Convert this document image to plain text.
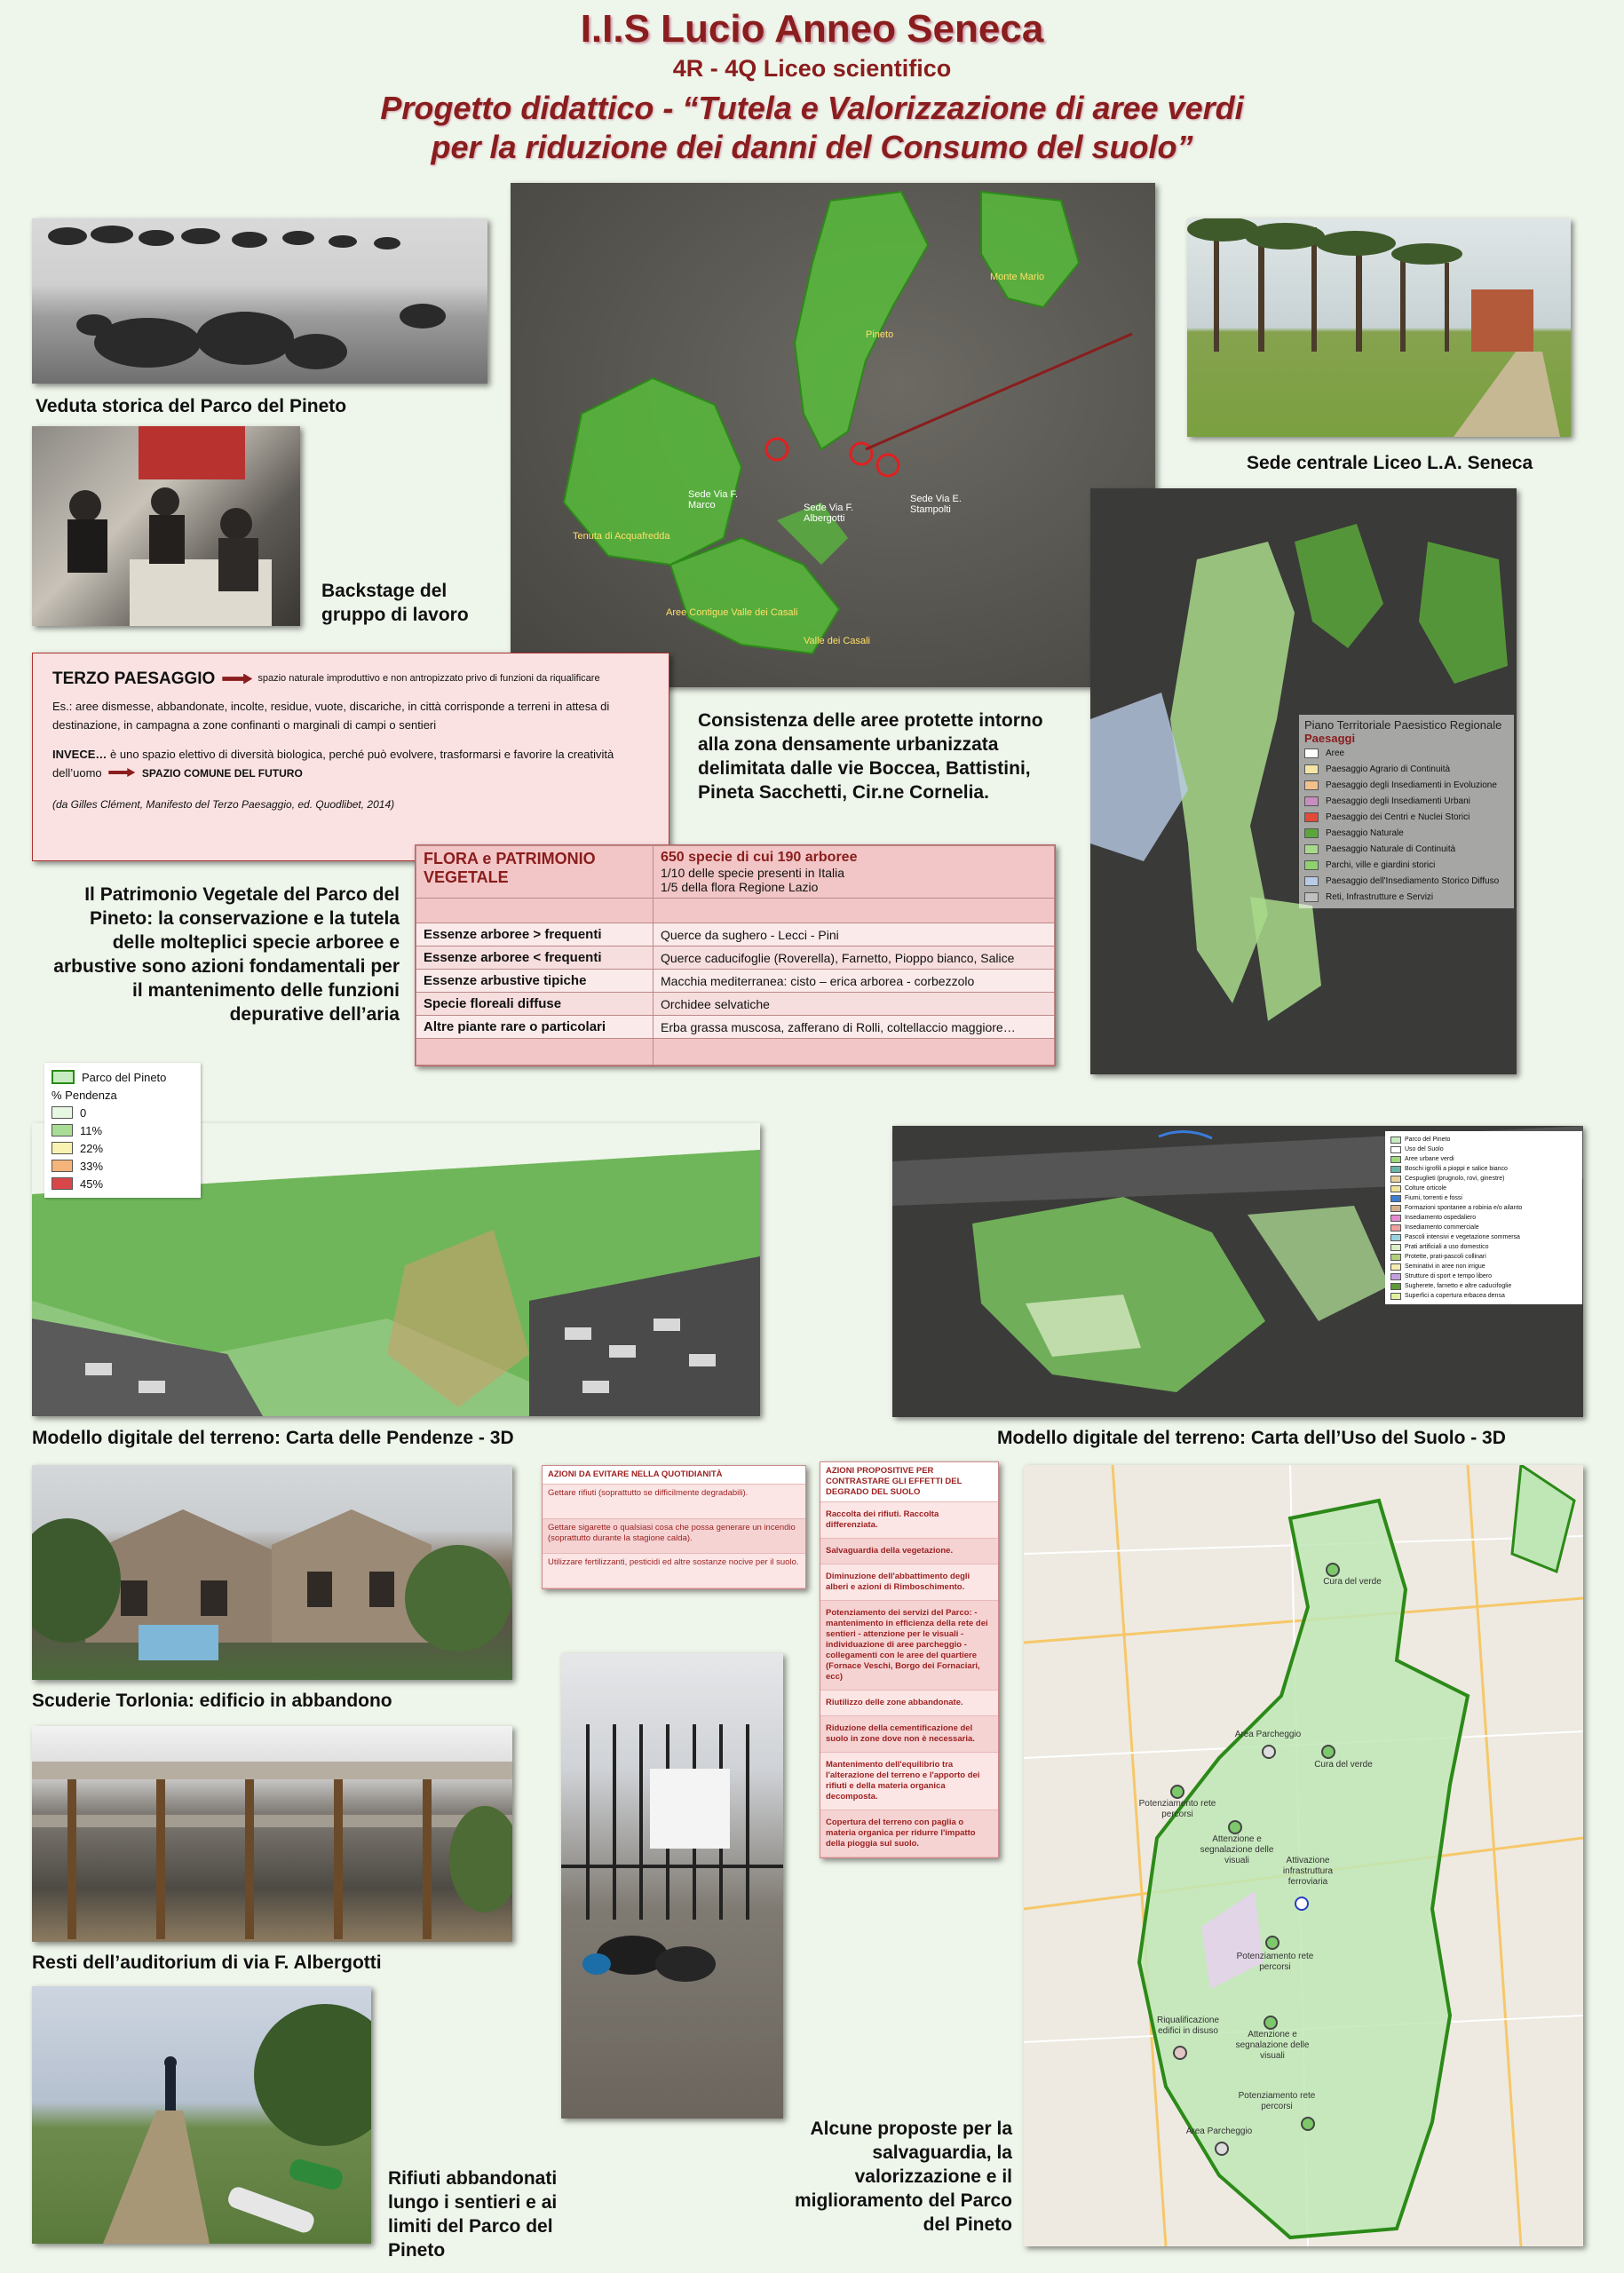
I.I.S Lucio Anneo Seneca
4R - 4Q Liceo scientifico
Progetto didattico - “Tutela e Valorizzazione di aree verdi
per la riduzione dei danni del Consumo del suolo”
Veduta storica del Parco del Pineto
Backstage del gruppo di lavoro
Sede Via F. Marco	Sede Via F. Albergotti
Sede Via E. Stampolti
Pineto
Monte Mario
Tenuta di Acquafredda
Aree Contigue Valle dei Casali
Valle dei Casali
Sede centrale Liceo L.A. Seneca
Piano Territoriale Paesistico Regionale
Paesaggi
Aree
Paesaggio Agrario di Continuità
Paesaggio degli Insediamenti in Evoluzione
Paesaggio degli Insediamenti Urbani
Paesaggio dei Centri e Nuclei Storici
Paesaggio Naturale
Paesaggio Naturale di Continuità
Parchi, ville e giardini storici
Paesaggio dell'Insediamento Storico Diffuso
Reti, Infrastrutture e Servizi
TERZO PAESAGGIO	spazio naturale improduttivo e non antropizzato privo di funzioni da riqualificare
Es.: aree dismesse, abbandonate, incolte, residue, vuote, discariche, in città corrisponde a terreni in attesa di destinazione, in campagna a zone confinanti o marginali di campi o sentieri
INVECE… è uno spazio elettivo di diversità biologica, perché può evolvere, trasformarsi e favorire la creatività dell’uomo	SPAZIO COMUNE DEL FUTURO
(da Gilles Clément, Manifesto del Terzo Paesaggio, ed. Quodlibet, 2014)
Consistenza delle aree protette intorno alla zona densamente urbanizzata delimitata dalle vie Boccea, Battistini, Pineta Sacchetti, Cir.ne Cornelia.
Il Patrimonio Vegetale del Parco del Pineto: la conservazione e la tutela delle molteplici specie arboree e arbustive sono azioni fondamentali per il mantenimento delle funzioni depurative dell’aria
FLORA e PATRIMONIO VEGETALE	650 specie di cui 190 arboree
1/10 delle specie presenti in Italia
1/5 della flora Regione Lazio

Essenze arboree > frequenti	Querce da sughero - Lecci - Pini
Essenze arboree < frequenti	Querce caducifoglie (Roverella), Farnetto, Pioppo bianco, Salice
Essenze arbustive tipiche	Macchia mediterranea: cisto – erica arborea - corbezzolo
Specie floreali diffuse	Orchidee selvatiche
Altre piante rare o particolari	Erba grassa muscosa, zafferano di Rolli, coltellaccio maggiore…

Parco del Pineto
% Pendenza
0
11%
22%
33%
45%
Modello digitale del terreno: Carta delle Pendenze - 3D
Parco del Pineto
Uso del Suolo
Aree urbane verdi
Boschi igrofili a pioppi e salice bianco
Cespuglieti (prugnolo, rovi, ginestre)
Colture orticole
Fiumi, torrenti e fossi
Formazioni spontanee a robinia e/o ailanto
Insediamento ospedaliero
Insediamento commerciale
Pascoli intensivi e vegetazione sommersa
Prati artificiali a uso domestico
Protette, prati-pascoli collinari
Seminativi in aree non irrigue
Strutture di sport e tempo libero
Sugherete, farnetto e altre caducifoglie
Superfici a copertura erbacea densa
Modello digitale del terreno: Carta dell’Uso del Suolo - 3D
Scuderie Torlonia: edificio in abbandono
AZIONI DA EVITARE NELLA QUOTIDIANITÀ
Gettare rifiuti (soprattutto se difficilmente degradabili).
Gettare sigarette o qualsiasi cosa che possa generare un incendio (soprattutto durante la stagione calda).
Utilizzare fertilizzanti, pesticidi ed altre sostanze nocive per il suolo.
AZIONI PROPOSITIVE PER CONTRASTARE GLI EFFETTI DEL DEGRADO DEL SUOLO
Raccolta dei rifiuti. Raccolta differenziata.
Salvaguardia della vegetazione.
Diminuzione dell'abbattimento degli alberi e azioni di Rimboschimento.
Potenziamento dei servizi del Parco: - mantenimento in efficienza della rete dei sentieri - attenzione per le visuali - individuazione di aree parcheggio - collegamenti con le aree del quartiere (Fornace Veschi, Borgo dei Fornaciari, ecc)
Riutilizzo delle zone abbandonate.
Riduzione della cementificazione del suolo in zone dove non è necessaria.
Mantenimento dell'equilibrio tra l'alterazione del terreno e l'apporto dei rifiuti e della materia organica decomposta.
Copertura del terreno con paglia o materia organica per ridurre l'impatto della pioggia sul suolo.
Resti dell’auditorium di via F. Albergotti
Rifiuti abbandonati lungo i sentieri e ai limiti del Parco del Pineto
Alcune proposte per la salvaguardia, la valorizzazione e il miglioramento del Parco del Pineto
Cura del verde
Area Parcheggio
Cura del verde
Potenziamento rete percorsi
Attenzione e segnalazione delle visuali	Attivazione infrastruttura ferroviaria
Potenziamento rete percorsi
Riqualificazione edifici in disuso	Attenzione e segnalazione delle visuali
Potenziamento rete percorsi
Area Parcheggio
